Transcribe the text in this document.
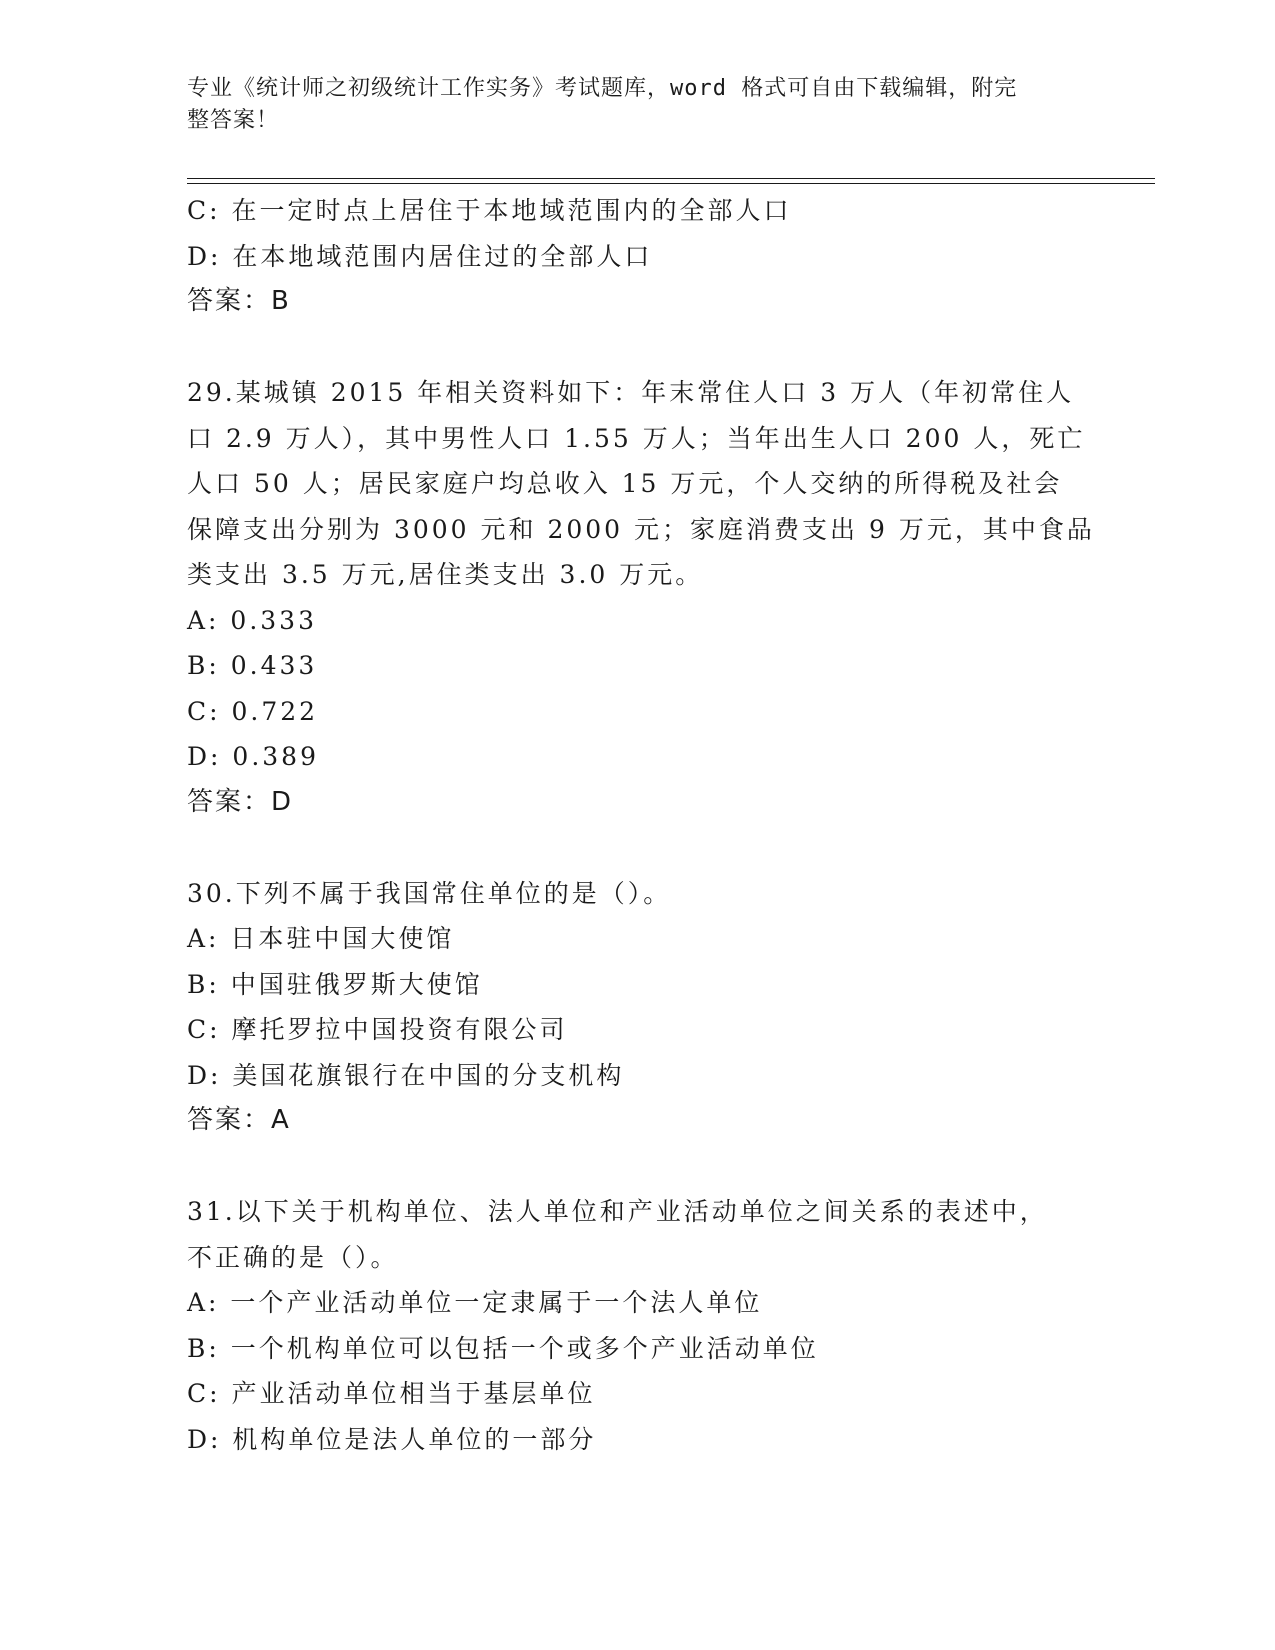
专业《统计师之初级统计工作实务》考试题库，word 格式可自由下载编辑，附完
整答案！
C: 在一定时点上居住于本地域范围内的全部人口
D: 在本地域范围内居住过的全部人口
答案：B
29.某城镇 2015 年相关资料如下：年末常住人口 3 万人（年初常住人
口 2.9 万人），其中男性人口 1.55 万人；当年出生人口 200 人，死亡
人口 50 人；居民家庭户均总收入 15 万元，个人交纳的所得税及社会
保障支出分别为 3000 元和 2000 元；家庭消费支出 9 万元，其中食品
类支出 3.5 万元,居住类支出 3.0 万元。
A: 0.333
B: 0.433
C: 0.722
D: 0.389
答案：D
30.下列不属于我国常住单位的是（）。
A: 日本驻中国大使馆
B: 中国驻俄罗斯大使馆
C: 摩托罗拉中国投资有限公司
D: 美国花旗银行在中国的分支机构
答案：A
31.以下关于机构单位、法人单位和产业活动单位之间关系的表述中，
不正确的是（）。
A: 一个产业活动单位一定隶属于一个法人单位
B: 一个机构单位可以包括一个或多个产业活动单位
C: 产业活动单位相当于基层单位
D: 机构单位是法人单位的一部分
